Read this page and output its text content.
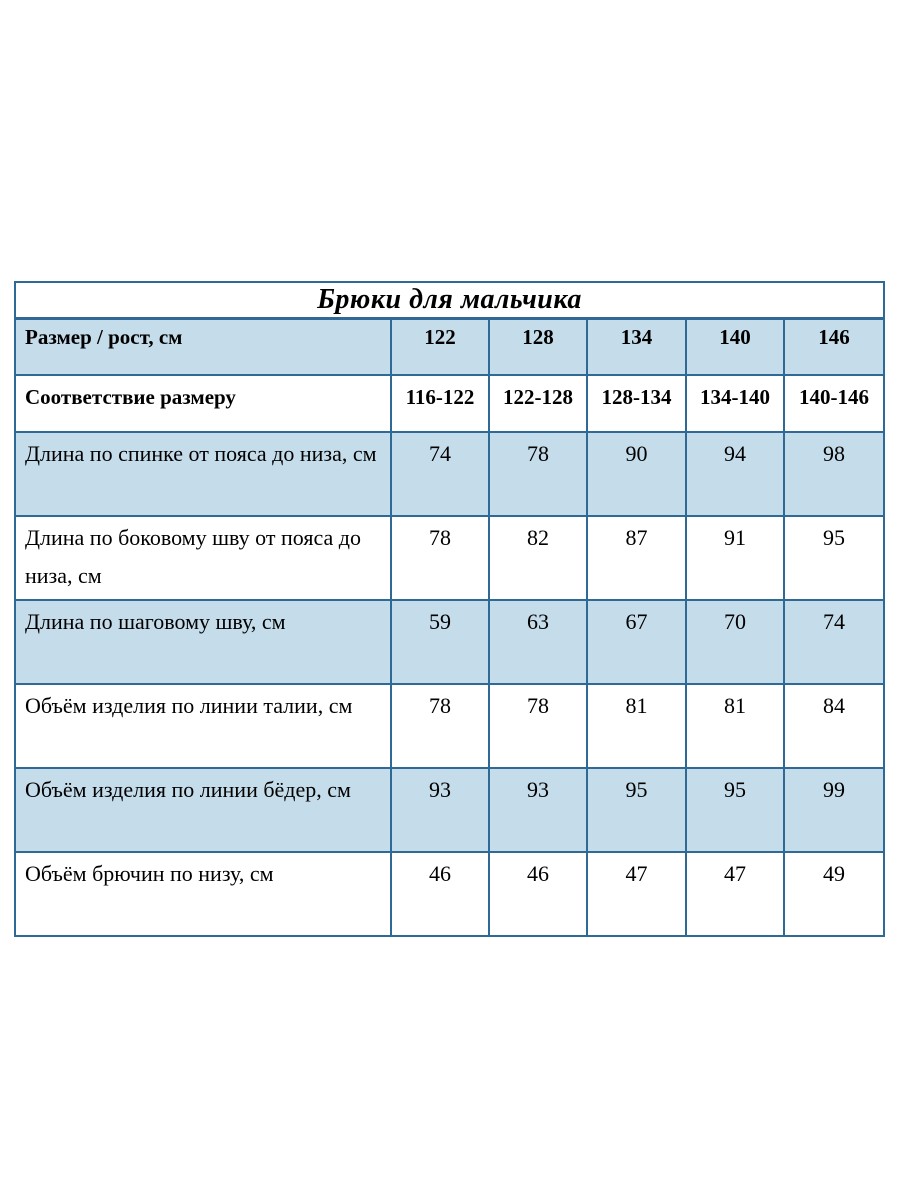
Брюки для мальчика					
Размер / рост, см	122	128	134	140	146
Соответствие размеру	116-122	122-128	128-134	134-140	140-146
Длина по спинке от пояса до низа, см	74	78	90	94	98
Длина по боковому шву от пояса до низа, см	78	82	87	91	95
Длина по шаговому шву, см	59	63	67	70	74
Объём изделия по линии талии, см	78	78	81	81	84
Объём изделия по линии бёдер, см	93	93	95	95	99
Объём брючин по низу, см	46	46	47	47	49
